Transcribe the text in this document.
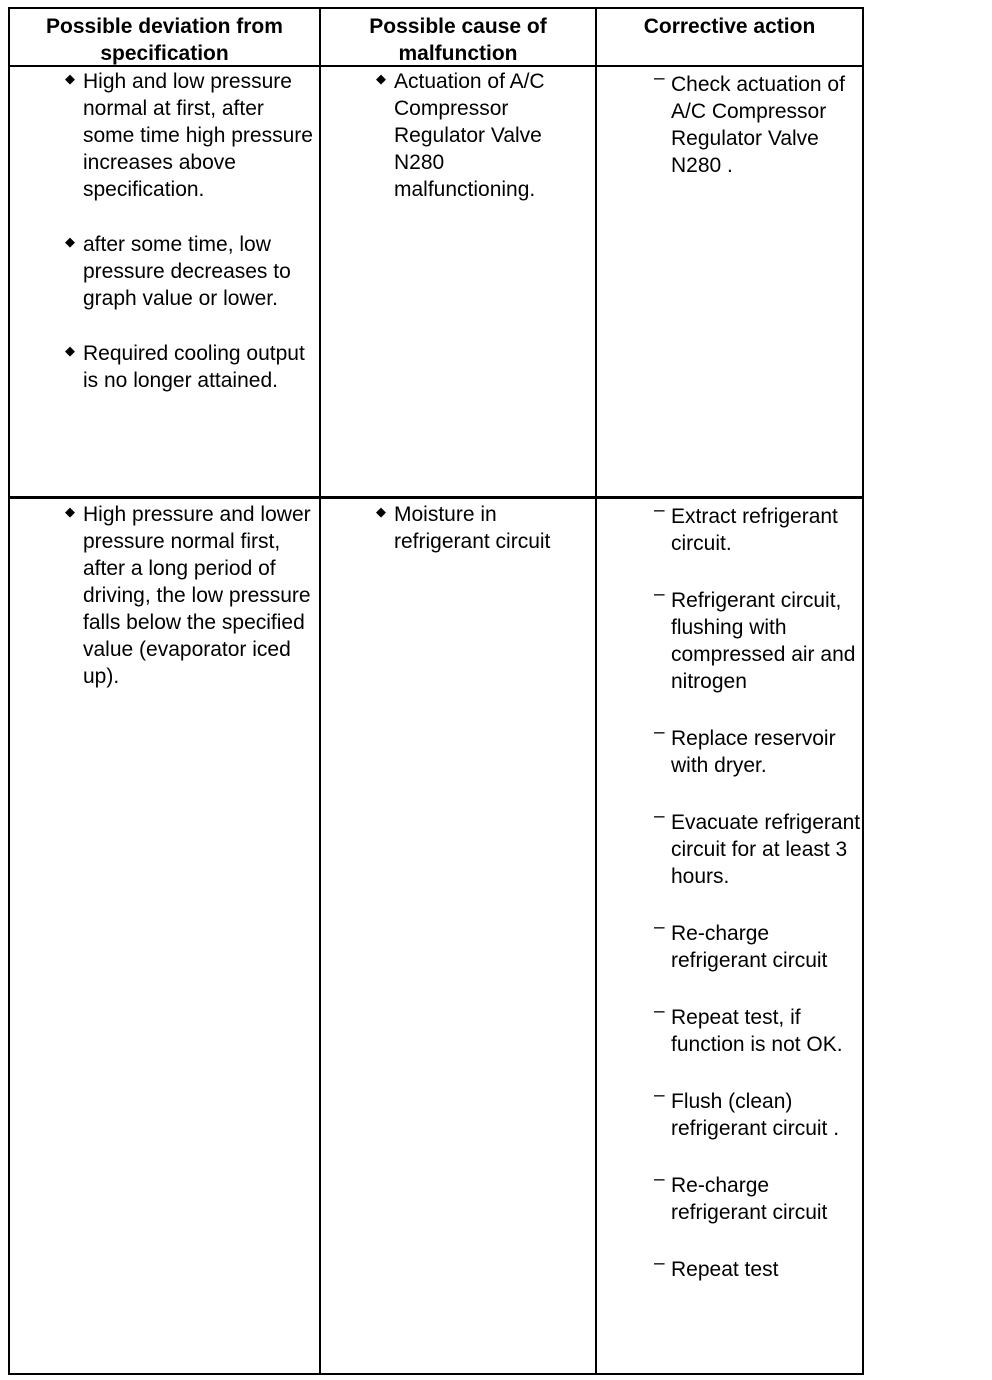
Possible deviation from specification
Possible cause of malfunction
Corrective action
◆ High and low pressure normal at first, after some time high pressure increases above specification.
◆ after some time, low pressure decreases to graph value or lower.
◆ Required cooling output is no longer attained.
◆ Actuation of A/C Compressor Regulator Valve N280 malfunctioning.
– Check actuation of A/C Compressor Regulator Valve N280 .
◆ High pressure and lower pressure normal first, after a long period of driving, the low pressure falls below the specified value (evaporator iced up).
◆ Moisture in refrigerant circuit
– Extract refrigerant circuit.
– Refrigerant circuit, flushing with compressed air and nitrogen
– Replace reservoir with dryer.
– Evacuate refrigerant circuit for at least 3 hours.
– Re-charge refrigerant circuit
– Repeat test, if function is not OK.
– Flush (clean) refrigerant circuit .
– Re-charge refrigerant circuit
– Repeat test
